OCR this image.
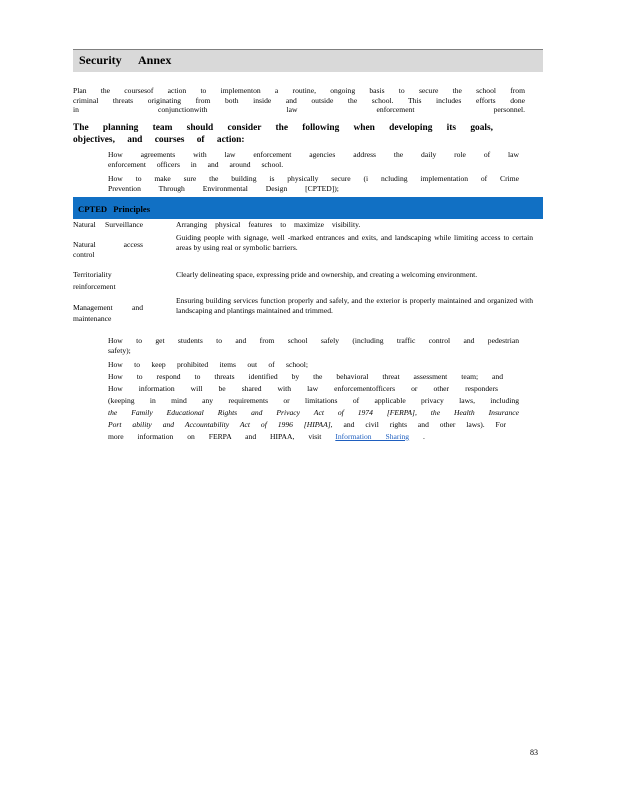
Security Annex
Plan the coursesof action to implementon a routine, ongoing basis to secure the school from
criminal threats originating from both inside and outside the school. This includes efforts done
in conjunctionwith law enforcement personnel.
The planning team should consider the following when developing its goals,
objectives, and courses of action:
How agreements with law enforcement agencies address the daily role of law
enforcement officers in and around school.
How to make sure the building is physically secure (i ncluding implementation of Crime
Prevention Through Environmental Design [CPTED]);
CPTED Principles
Natural Surveillance	Arranging physical features to maximize visibility.
Natural access
control
Guiding people with signage, well -marked entrances and exits, and landscaping while limiting access to certain areas by using real or symbolic barriers.
Territoriality
reinforcement
Clearly delineating space, expressing pride and ownership, and creating a welcoming environment.
Management and
maintenance
Ensuring building services function properly and safely, and the exterior is properly maintained and organized with landscaping and plantings maintained and trimmed.
How to get students to and from school safely (including traffic control and pedestrian
safety);
How to keep prohibited items out of school;
How to respond to threats identified by the behavioral threat assessment team; and
How information will be shared with law enforcementofficers or other responders
(keeping in mind any requirements or limitations of applicable privacy laws, including
the Family Educational Rights and Privacy Act of 1974 [FERPA], the Health Insurance
Port ability and Accountability Act of 1996 [HIPAA], and civil rights and other laws). For
more information on FERPA and HIPAA, visit Information Sharing .
83
